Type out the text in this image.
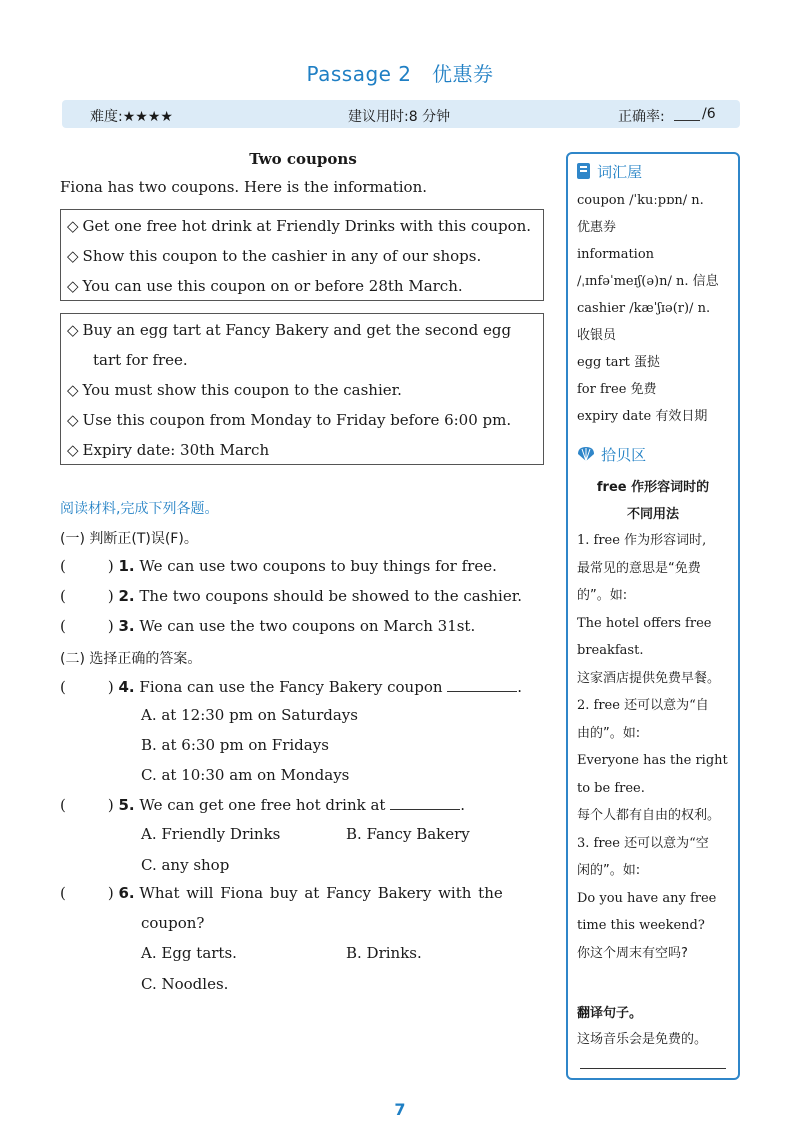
Passage 2　优惠券
难度:★★★★	建议用时:8 分钟	正确率:	/6
Two coupons
Fiona has two coupons. Here is the information.
◇ Get one free hot drink at Friendly Drinks with this coupon.
◇ Show this coupon to the cashier in any of our shops.
◇ You can use this coupon on or before 28th March.
◇ Buy an egg tart at Fancy Bakery and get the second egg
tart for free.
◇ You must show this coupon to the cashier.
◇ Use this coupon from Monday to Friday before 6:00 pm.
◇ Expiry date: 30th March
阅读材料,完成下列各题。
(一) 判断正(T)误(F)。
(	) 1. We can use two coupons to buy things for free.
(	) 2. The two coupons should be showed to the cashier.
(	) 3. We can use the two coupons on March 31st.
(二) 选择正确的答案。
(	) 4. Fiona can use the Fancy Bakery coupon	.
A. at 12:30 pm on Saturdays
B. at 6:30 pm on Fridays
C. at 10:30 am on Mondays
(	) 5. We can get one free hot drink at	.
A. Friendly Drinks	B. Fancy Bakery
C. any shop
(	) 6. What will Fiona buy at Fancy Bakery with the
coupon?
A. Egg tarts.	B. Drinks.
C. Noodles.
词汇屋
coupon /ˈkuːpɒn/ n.
优惠券
information
/ˌɪnfəˈmeɪʃ(ə)n/ n. 信息
cashier /kæˈʃɪə(r)/ n.
收银员
egg tart 蛋挞
for free 免费
expiry date 有效日期
拾贝区
free 作形容词时的
不同用法
1. free 作为形容词时,
最常见的意思是“免费
的”。如:
The hotel offers free
breakfast.
这家酒店提供免费早餐。
2. free 还可以意为“自
由的”。如:
Everyone has the right
to be free.
每个人都有自由的权利。
3. free 还可以意为“空
闲的”。如:
Do you have any free
time this weekend?
你这个周末有空吗?
翻译句子。
这场音乐会是免费的。
7
